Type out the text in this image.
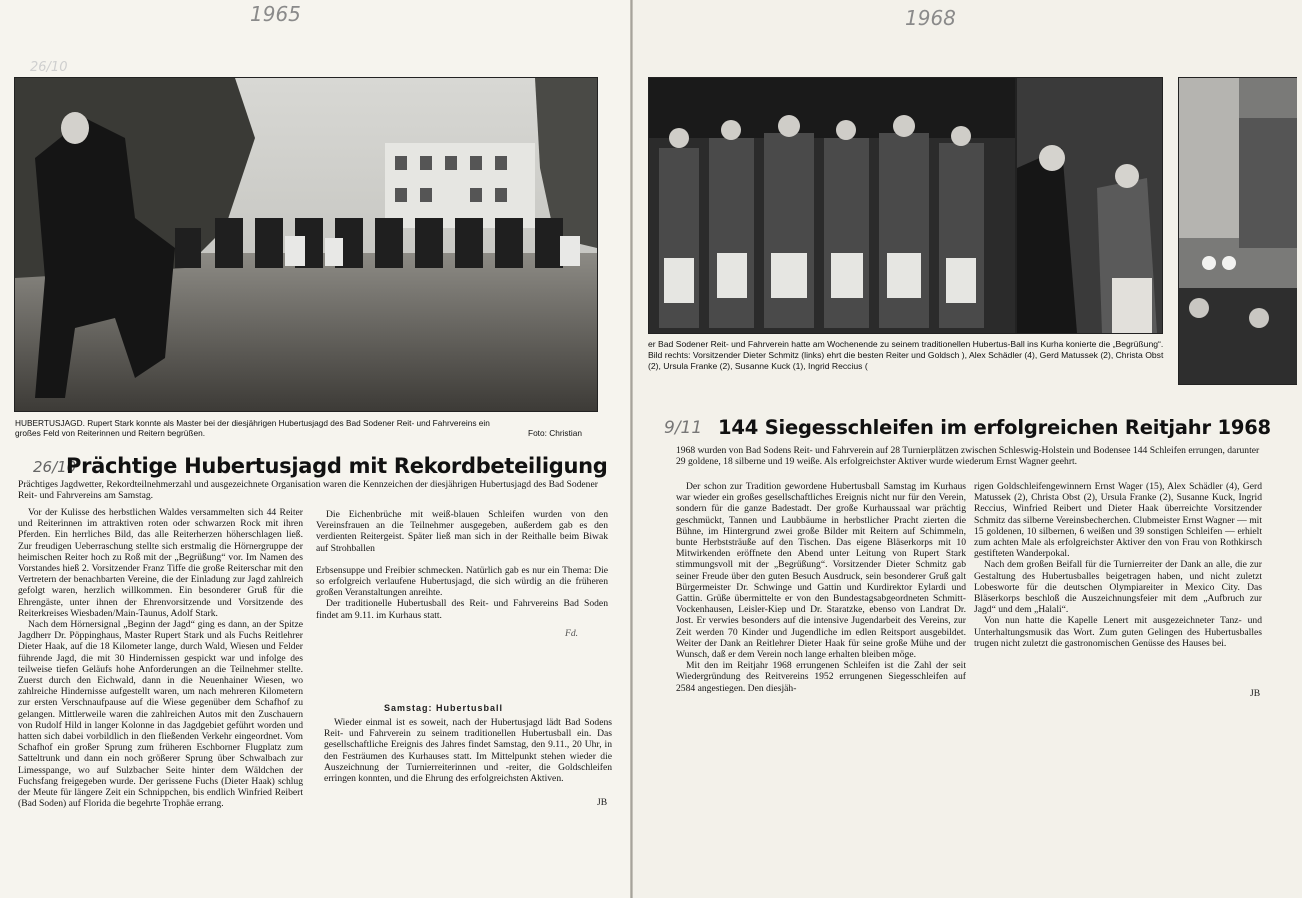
1965	1968
26/10
HUBERTUSJAGD. Rupert Stark konnte als Master bei der diesjährigen Hubertusjagd des Bad Sodener Reit- und Fahrvereins ein großes Feld von Reiterinnen und Reitern begrüßen.	Foto: Christian
26/10
Prächtige Hubertusjagd mit Rekordbeteiligung
Prächtiges Jagdwetter, Rekordteilnehmerzahl und ausgezeichnete Organisation waren die Kennzeichen der diesjährigen Hubertusjagd des Bad Sodener Reit- und Fahrvereins am Samstag.

Vor der Kulisse des herbstlichen Waldes versammelten sich 44 Reiter und Reiterinnen im attraktiven roten oder schwarzen Rock mit ihren Pferden. Ein herrliches Bild, das alle Reiterherzen höherschlagen ließ. Zur freudigen Ueberraschung stellte sich erstmalig die Hörnergruppe der heimischen Reiter hoch zu Roß mit der „Begrüßung“ vor. Im Namen des Vorstandes hieß 2. Vorsitzender Franz Tiffe die große Reiterschar mit den Vertretern der benachbarten Vereine, die der Einladung zur Jagd zahlreich gefolgt waren, herzlich willkommen. Ein besonderer Gruß für die Ehrengäste, unter ihnen der Ehrenvorsitzende und Vorsitzende des Reiterkreises Wiesbaden/Main-Taunus, Adolf Stark.

Nach dem Hörnersignal „Beginn der Jagd“ ging es dann, an der Spitze Jagdherr Dr. Pöppinghaus, Master Rupert Stark und als Fuchs Reitlehrer Dieter Haak, auf die 18 Kilometer lange, durch Wald, Wiesen und Felder führende Jagd, die mit 30 Hindernissen gespickt war und infolge des teilweise tiefen Geläufs hohe Anforderungen an die Teilnehmer stellte. Zuerst durch den Eichwald, dann in die Neuenhainer Wiesen, wo zahlreiche Hindernisse aufgestellt waren, um nach mehreren Kilometern zur ersten Verschnaufpause auf die Wiese gegenüber dem Schafhof zu gelangen. Mittlerweile waren die zahlreichen Autos mit den Zuschauern von Rudolf Hild in langer Kolonne in das Jagdgebiet geführt worden und hatten sich dabei vorbildlich in den fließenden Verkehr eingeordnet. Vom Schafhof ein großer Sprung zum früheren Eschborner Flugplatz zum Satteltrunk und dann ein noch größerer Sprung über Schwalbach zur Limesspange, wo auf Sulzbacher Seite hinter dem Wäldchen der Fuchsfang freigegeben wurde. Der gerissene Fuchs (Dieter Haak) schlug der Meute für längere Zeit ein Schnippchen, bis endlich Winfried Reibert (Bad Soden) auf Florida die begehrte Trophäe errang.

Die Eichenbrüche mit weiß-blauen Schleifen wurden von den Vereinsfrauen an die Teilnehmer ausgegeben, außerdem gab es den verdienten Reitergeist. Später ließ man sich in der Reithalle beim Biwak auf Strohballen

Erbsensuppe und Freibier schmecken. Natürlich gab es nur ein Thema: Die so erfolgreich verlaufene Hubertusjagd, die sich würdig an die früheren großen Veranstaltungen anreihte.

Der traditionelle Hubertusball des Reit- und Fahrvereins Bad Soden findet am 9.11. im Kurhaus statt.

Fd.
Samstag: Hubertusball

Wieder einmal ist es soweit, nach der Hubertusjagd lädt Bad Sodens Reit- und Fahrverein zu seinem traditionellen Hubertusball ein. Das gesellschaftliche Ereignis des Jahres findet Samstag, den 9.11., 20 Uhr, in den Festräumen des Kurhauses statt. Im Mittelpunkt stehen wieder die Auszeichnung der Turnierreiterinnen und -reiter, die Goldschleifen erringen konnten, und die Ehrung des erfolgreichsten Aktiven.

JB
er Bad Sodener Reit- und Fahrverein hatte am Wochenende zu seinem traditionellen Hubertus-Ball ins Kurha konierte die „Begrüßung“. Bild rechts: Vorsitzender Dieter Schmitz (links) ehrt die besten Reiter und Goldsch ), Alex Schädler (4), Gerd Matussek (2), Christa Obst (2), Ursula Franke (2), Susanne Kuck (1), Ingrid Reccius (
9/11 144 Siegesschleifen im erfolgreichen Reitjahr 1968
1968 wurden von Bad Sodens Reit- und Fahrverein auf 28 Turnierplätzen zwischen Schleswig-Holstein und Bodensee 144 Schleifen errungen, darunter 29 goldene, 18 silberne und 19 weiße. Als erfolgreichster Aktiver wurde wiederum Ernst Wagner geehrt.

Der schon zur Tradition gewordene Hubertusball Samstag im Kurhaus war wieder ein großes gesellschaftliches Ereignis nicht nur für den Verein, sondern für die ganze Badestadt. Der große Kurhaussaal war prächtig geschmückt, Tannen und Laubbäume in herbstlicher Pracht zierten die Bühne, im Hintergrund zwei große Bilder mit Reitern auf Schimmeln, bunte Herbststräuße auf den Tischen. Das eigene Bläserkorps mit 10 Mitwirkenden eröffnete den Abend unter Leitung von Rupert Stark stimmungsvoll mit der „Begrüßung“. Vorsitzender Dieter Schmitz gab seiner Freude über den guten Besuch Ausdruck, sein besonderer Gruß galt Bürgermeister Dr. Schwinge und Gattin und Kurdirektor Eylardi und Gattin. Grüße übermittelte er von den Bundestagsabgeordneten Schmitt-Vockenhausen, Leisler-Kiep und Dr. Staratzke, ebenso von Landrat Dr. Jost. Er verwies besonders auf die intensive Jugendarbeit des Vereins, zur Zeit werden 70 Kinder und Jugendliche im edlen Reitsport ausgebildet. Weiter der Dank an Reitlehrer Dieter Haak für seine große Mühe und der Wunsch, daß er dem Verein noch lange erhalten bleiben möge.

Mit den im Reitjahr 1968 errungenen Schleifen ist die Zahl der seit Wiedergründung des Reitvereins 1952 errungenen Siegesschleifen auf 2584 angestiegen. Den diesjäh-

rigen Goldschleifengewinnern Ernst Wager (15), Alex Schädler (4), Gerd Matussek (2), Christa Obst (2), Ursula Franke (2), Susanne Kuck, Ingrid Reccius, Winfried Reibert und Dieter Haak überreichte Vorsitzender Schmitz das silberne Vereinsbecherchen. Clubmeister Ernst Wagner — mit 15 goldenen, 10 silbernen, 6 weißen und 39 sonstigen Schleifen — erhielt zum achten Male als erfolgreichster Aktiver den von Frau von Rothkirsch gestifteten Wanderpokal.

Nach dem großen Beifall für die Turnierreiter der Dank an alle, die zur Gestaltung des Hubertusballes beigetragen haben, und nicht zuletzt Lobesworte für die deutschen Olympiareiter in Mexico City. Das Bläserkorps beschloß die Auszeichnungsfeier mit dem „Aufbruch zur Jagd“ und dem „Halali“.

Von nun hatte die Kapelle Lenert mit ausgezeichneter Tanz- und Unterhaltungsmusik das Wort. Zum guten Gelingen des Hubertusballes trugen nicht zuletzt die gastronomischen Genüsse des Hauses bei.

JB
